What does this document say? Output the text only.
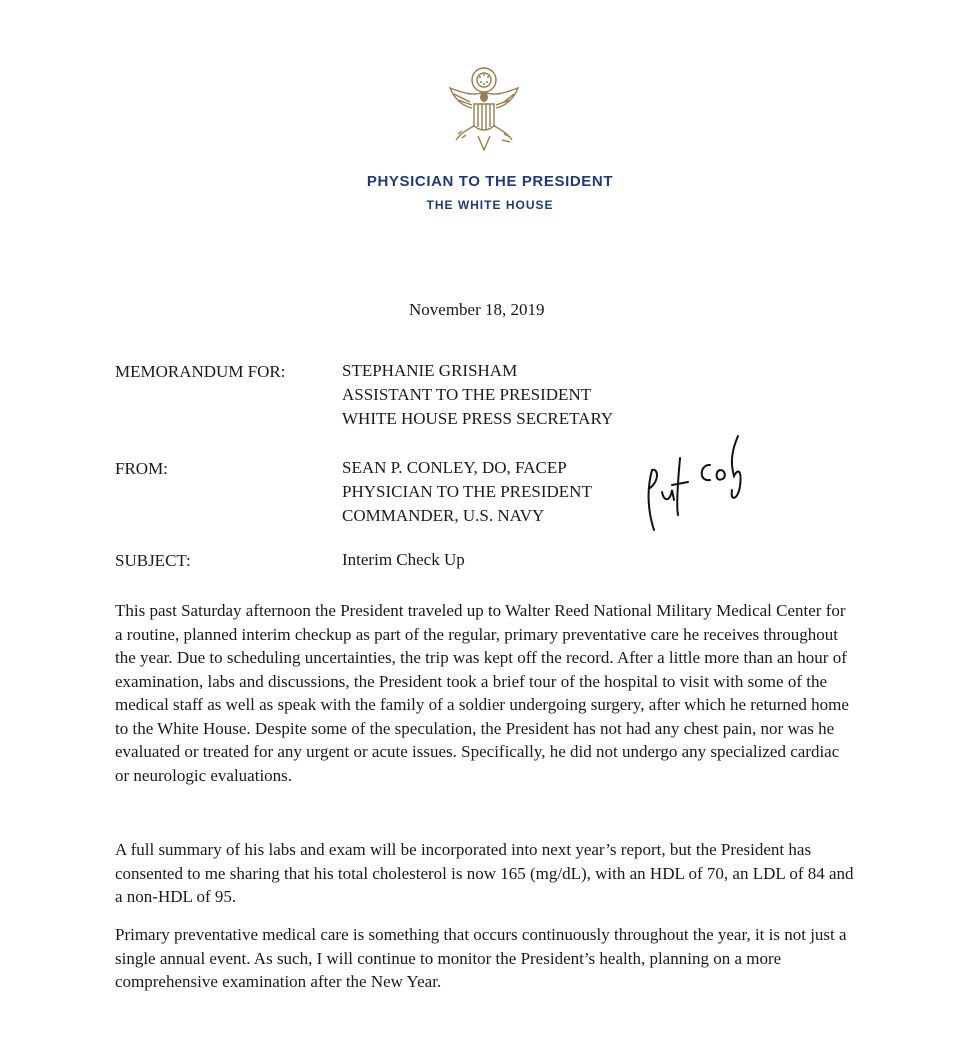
PHYSICIAN TO THE PRESIDENT
THE WHITE HOUSE
November 18, 2019
MEMORANDUM FOR:	STEPHANIE GRISHAM
ASSISTANT TO THE PRESIDENT
WHITE HOUSE PRESS SECRETARY
FROM:	SEAN P. CONLEY, DO, FACEP
PHYSICIAN TO THE PRESIDENT
COMMANDER, U.S. NAVY
SUBJECT:	Interim Check Up

This past Saturday afternoon the President traveled up to Walter Reed National Military Medical Center for a routine, planned interim checkup as part of the regular, primary preventative care he receives throughout the year. Due to scheduling uncertainties, the trip was kept off the record. After a little more than an hour of examination, labs and discussions, the President took a brief tour of the hospital to visit with some of the medical staff as well as speak with the family of a soldier undergoing surgery, after which he returned home to the White House. Despite some of the speculation, the President has not had any chest pain, nor was he evaluated or treated for any urgent or acute issues. Specifically, he did not undergo any specialized cardiac or neurologic evaluations.

A full summary of his labs and exam will be incorporated into next year’s report, but the President has consented to me sharing that his total cholesterol is now 165 (mg/dL), with an HDL of 70, an LDL of 84 and a non-HDL of 95.

Primary preventative medical care is something that occurs continuously throughout the year, it is not just a single annual event. As such, I will continue to monitor the President’s health, planning on a more comprehensive examination after the New Year.
